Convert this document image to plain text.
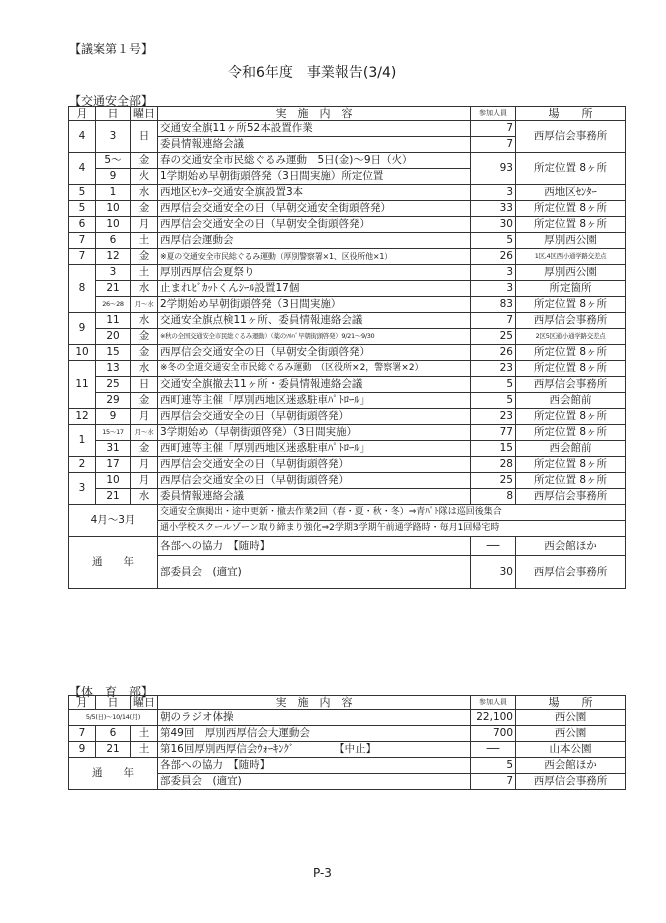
【議案第１号】
令和6年度　事業報告(3/4)
【交通安全部】
月	日	曜日	実　施　内　容	参加人員	場　　所
4	3	日	交通安全旗11ヶ所52本設置作業	7	西厚信会事務所
			委員情報連絡会議	7	
4	5～	金	春の交通安全市民総ぐるみ運動　5日(金)～9日（火）	93	所定位置 8ヶ所
	9	火	1学期始め早朝街頭啓発（3日間実施）所定位置		
5	1	水	西地区ｾﾝﾀｰ交通安全旗設置3本	3	西地区ｾﾝﾀｰ
5	10	金	西厚信会交通安全の日（早朝交通安全街頭啓発）	33	所定位置 8ヶ所
6	10	月	西厚信会交通安全の日（早朝安全街頭啓発）	30	所定位置 8ヶ所
7	6	土	西厚信会運動会	5	厚別西公園
7	12	金	※夏の交通安全市民総ぐるみ運動（厚別警察署×1、区役所他×1）	26	1区,4区西小通学路交差点
8	3	土	厚別西厚信会夏祭り	3	厚別西公園
	21	水	止まれﾋﾞｶｯﾄくんｼｰﾙ設置17個	3	所定箇所
	26～28	月～水	2学期始め早朝街頭啓発（3日間実施）	83	所定位置 8ヶ所
9	11	水	交通安全旗点検11ヶ所、委員情報連絡会議	7	西厚信会事務所
	20	金	※秋の全国交通安全市民総ぐるみ運動）（薬のｿﾙﾊﾞ早朝街頭啓発）9/21～9/30	25	2区5区通小通学路交差点
10	15	金	西厚信会交通安全の日（早朝安全街頭啓発）	26	所定位置 8ヶ所
11	13	水	※冬の全道交通安全市民総ぐるみ運動　（区役所×2，警察署×2）	23	所定位置 8ヶ所
	25	日	交通安全旗撤去11ヶ所・委員情報連絡会議	5	西厚信会事務所
	29	金	西町連等主催「厚別西地区迷惑駐車ﾊﾟﾄﾛｰﾙ」	5	西会館前
12	9	月	西厚信会交通安全の日（早朝街頭啓発）	23	所定位置 8ヶ所
1	15～17	月～水	3学期始め（早朝街頭啓発）（3日間実施）	77	所定位置 8ヶ所
	31	金	西町連等主催「厚別西地区迷惑駐車ﾊﾟﾄﾛｰﾙ」	15	西会館前
2	17	月	西厚信会交通安全の日（早朝街頭啓発）	28	所定位置 8ヶ所
3	10	月	西厚信会交通安全の日（早朝街頭啓発）	25	所定位置 8ヶ所
	21	水	委員情報連絡会議	8	西厚信会事務所
4月～3月			交通安全旗掲出・途中更新・撤去作業2回（春・夏・秋・冬）⇒青ﾊﾟﾄ隊は巡回後集合		
			通小学校スクールゾーン取り締まり強化⇒2学期3学期午前通学路時・毎月1回帰宅時		
通　　年			各部への協力　【随時】	──	西会館ほか
			部委員会　(適宜)	30	西厚信会事務所
【体　育　部】
月	日	曜日	実　施　内　容	参加人員	場　　所
5/5(日)～10/14(月)			朝のラジオ体操	22,100	西公園
7	6	土	第49回　厚別西厚信会大運動会	700	西公園
9	21	土	第16回厚別西厚信会ｳｫｰｷﾝｸﾞ 【中止】	──	山本公園
通　　年			各部への協力　【随時】	5	西会館ほか
			部委員会　(適宜)	7	西厚信会事務所
P-3
